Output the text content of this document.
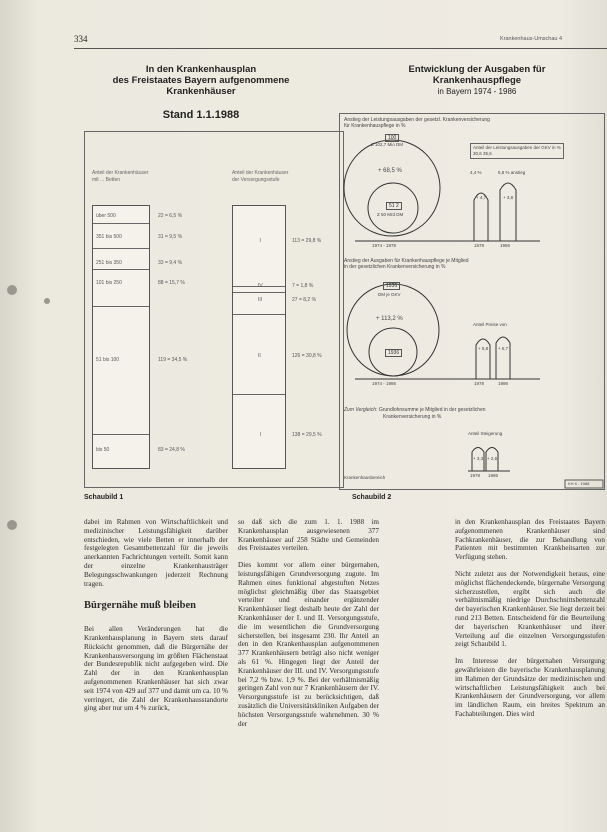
334	Krankenhaus-Umschau 4
In den Krankenhausplan
des Freistaates Bayern aufgenommene
Krankenhäuser
Stand 1.1.1988
Anteil der Krankenhäuser
mit ... Betten
Anteil der Krankenhäuser
der Versorgungsstufe
über 500	22 = 6,5 %
351 bis 500	31 = 9,5 %
251 bis 350	33 = 9,4 %
101 bis 250	88 = 15,7 %
51 bis 100	119 = 34,5 %
bis 50	83 = 24,8 %
I	113 = 29,8 %
IV	7 = 1,8 %
III	27 = 8,2 %
II	126 = 30,8 %
I	138 = 29,5 %
Schaubild 1
Entwicklung der Ausgaben für
Krankenhauspflege
in Bayern 1974 - 1986
Anstieg der Leistungsausgaben der gesetzl. Krankenversicherung
für Krankenhauspflege in %
100
Z 102,7 Mio DM
+ 68,5 %
51 2
Z 50 Mrd DM
Anteil der Leistungsausgaben der GKV in %
30,6 35,6
4,4 %	5,8 % anstieg
+ 4,7	+ 3,8
1974 - 1978	1978	1986
Anstieg der Ausgaben für Krankenhauspflege je Mitglied
in der gesetzlichen Krankenversicherung in %
1936
DM je GKV
+ 113,2 %
Anteil Preise von
1936
+ 5,8 + 6,7
1974 - 1986	1978	1986
Zum Vergleich: Grundlohnsumme je Mitglied in der gesetzlichen
Krankenversicherung in %
Anteil Steigerung
+ 3,3 + 2,6
1978 1986
Krankenhausbereich
KH 6 - 1988
Schaubild 2

dabei im Rahmen von Wirtschaftlichkeit und medizinischer Leistungsfähigkeit darüber entschieden, wie viele Betten er innerhalb der festgelegten Gesamtbettenzahl für die jeweils anerkannten Fachrichtungen verteilt. Somit kann der einzelne Krankenhausträger Belegungsschwankungen jederzeit Rechnung tragen.

Bürgernähe muß bleiben

Bei allen Veränderungen hat die Krankenhausplanung in Bayern stets darauf Rücksicht genommen, daß die Bürgernähe der Krankenhausversorgung im größten Flächenstaat der Bundesrepublik nicht aufgegeben wird. Die Zahl der in den Krankenhausplan aufgenommenen Krankenhäuser hat sich zwar seit 1974 von 429 auf 377 und damit um ca. 10 % verringert, die Zahl der Krankenhausstandorte ging aber nur um 4 % zurück,

so daß sich die zum 1. 1. 1988 im Krankenhausplan ausgewiesenen 377 Krankenhäuser auf 258 Städte und Gemeinden des Freistaates verteilen.

Dies kommt vor allem einer bürgernahen, leistungsfähigen Grundversorgung zugute. Im Rahmen eines funktional abgestuften Netzes möglichst gleichmäßig über das Staatsgebiet verteilter und einander ergänzender Krankenhäuser liegt deshalb heute der Zahl der Krankenhäuser der I. und II. Versorgungsstufe, die im wesentlichen die Grundversorgung sicherstellen, bei insgesamt 230. Ihr Anteil an den in den Krankenhausplan aufgenommenen 377 Krankenhäusern beträgt also nicht weniger als 61 %. Hingegen liegt der Anteil der Krankenhäuser der III. und IV. Versorgungsstufe bei 7,2 % bzw. 1,9 %. Bei der verhältnismäßig geringen Zahl von nur 7 Krankenhäusern der IV. Versorgungsstufe ist zu berücksichtigen, daß zusätzlich die Universitätskliniken Aufgaben der höchsten Versorgungsstufe wahrnehmen. 30 % der

in den Krankenhausplan des Freistaates Bayern aufgenommenen Krankenhäuser sind Fachkrankenhäuser, die zur Behandlung von Patienten mit bestimmten Krankheitsarten zur Verfügung stehen.

Nicht zuletzt aus der Notwendigkeit heraus, eine möglichst flächendeckende, bürgernahe Versorgung sicherzustellen, ergibt sich auch die verhältnismäßig niedrige Durchschnittsbettenzahl der bayerischen Krankenhäuser. Sie liegt derzeit bei rund 213 Betten. Entscheidend für die Beurteilung der bayerischen Krankenhäuser und ihrer Verteilung auf die einzelnen Versorgungsstufen zeigt Schaubild 1.

Im Interesse der bürgernahen Versorgung gewährleisten die bayerische Krankenhausplanung im Rahmen der Grundsätze der medizinischen und wirtschaftlichen Leistungsfähigkeit auch bei Krankenhäusern der Grundversorgung, vor allem im ländlichen Raum, ein breites Spektrum an Fachabteilungen. Dies wird
